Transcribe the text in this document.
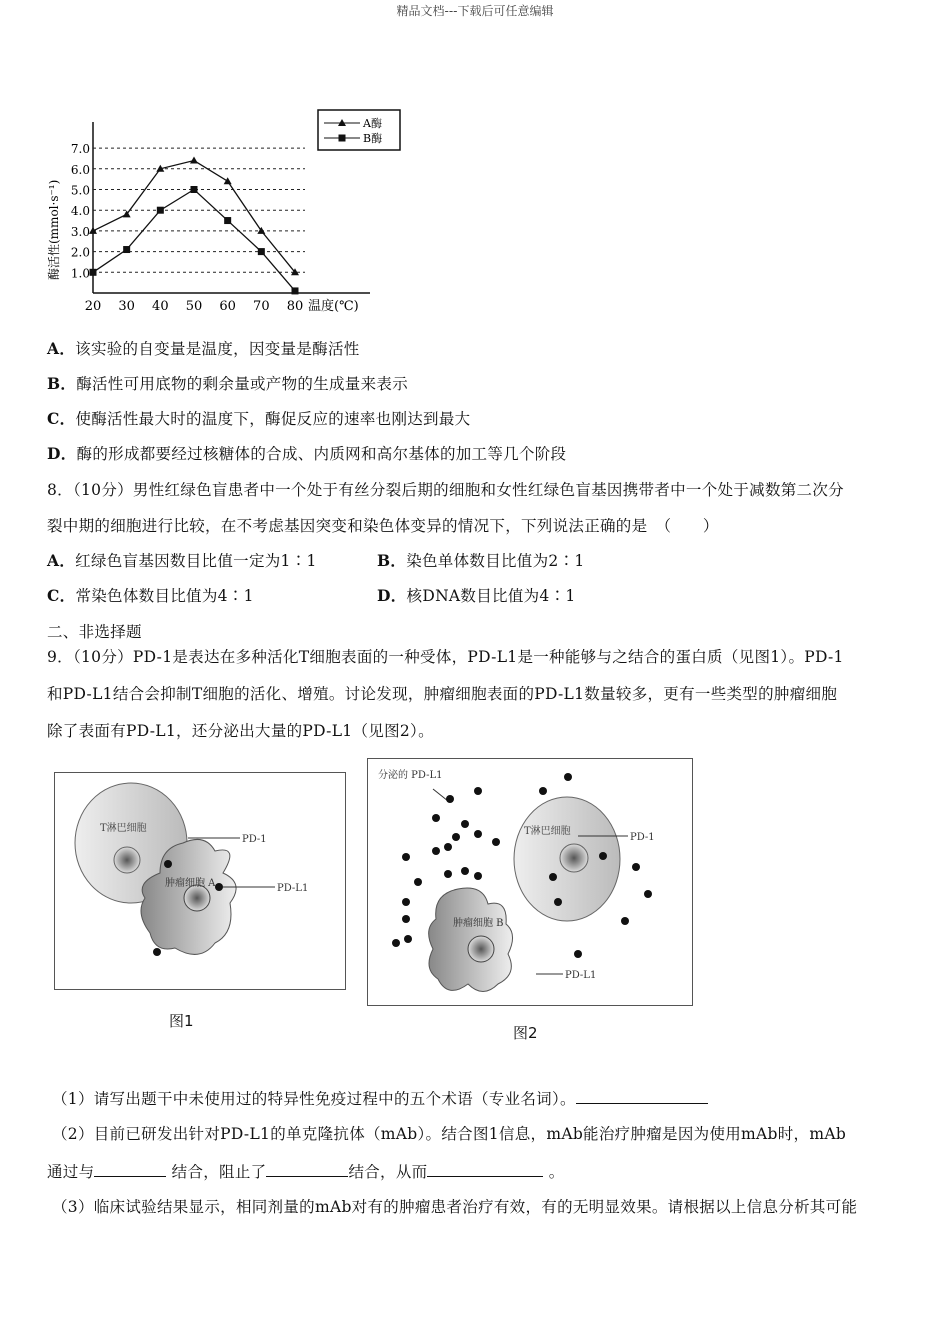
精品文档---下载后可任意编辑
1.0
2.0
3.0
4.0
5.0
6.0
7.0
20 30 40 50 60 70 80 温度(℃)
酶活性(mmol·s⁻¹)
A酶
B酶
A．该实验的自变量是温度，因变量是酶活性
B．酶活性可用底物的剩余量或产物的生成量来表示
C．使酶活性最大时的温度下，酶促反应的速率也刚达到最大
D．酶的形成都要经过核糖体的合成、内质网和高尔基体的加工等几个阶段
8．（10分）男性红绿色盲患者中一个处于有丝分裂后期的细胞和女性红绿色盲基因携带者中一个处于减数第二次分
裂中期的细胞进行比较，在不考虑基因突变和染色体变异的情况下，下列说法正确的是　（　　）
A．红绿色盲基因数目比值一定为1∶1	B．染色单体数目比值为2∶1
C．常染色体数目比值为4∶1	D．核DNA数目比值为4∶1
二、非选择题
9．（10分）PD-1是表达在多种活化T细胞表面的一种受体，PD-L1是一种能够与之结合的蛋白质（见图1）。PD-1
和PD-L1结合会抑制T细胞的活化、增殖。讨论发现，肿瘤细胞表面的PD-L1数量较多，更有一些类型的肿瘤细胞
除了表面有PD-L1，还分泌出大量的PD-L1（见图2）。
T淋巴细胞
肿瘤细胞 A
PD-1
PD-L1
图1
分泌的 PD-L1
T淋巴细胞
肿瘤细胞 B
PD-1
PD-L1
图2
（1）请写出题干中未使用过的特异性免疫过程中的五个术语（专业名词）。
（2）目前已研发出针对PD-L1的单克隆抗体（mAb）。结合图1信息，mAb能治疗肿瘤是因为使用mAb时，mAb
通过与	结合，阻止了	结合，从而	。
（3）临床试验结果显示，相同剂量的mAb对有的肿瘤患者治疗有效，有的无明显效果。请根据以上信息分析其可能
